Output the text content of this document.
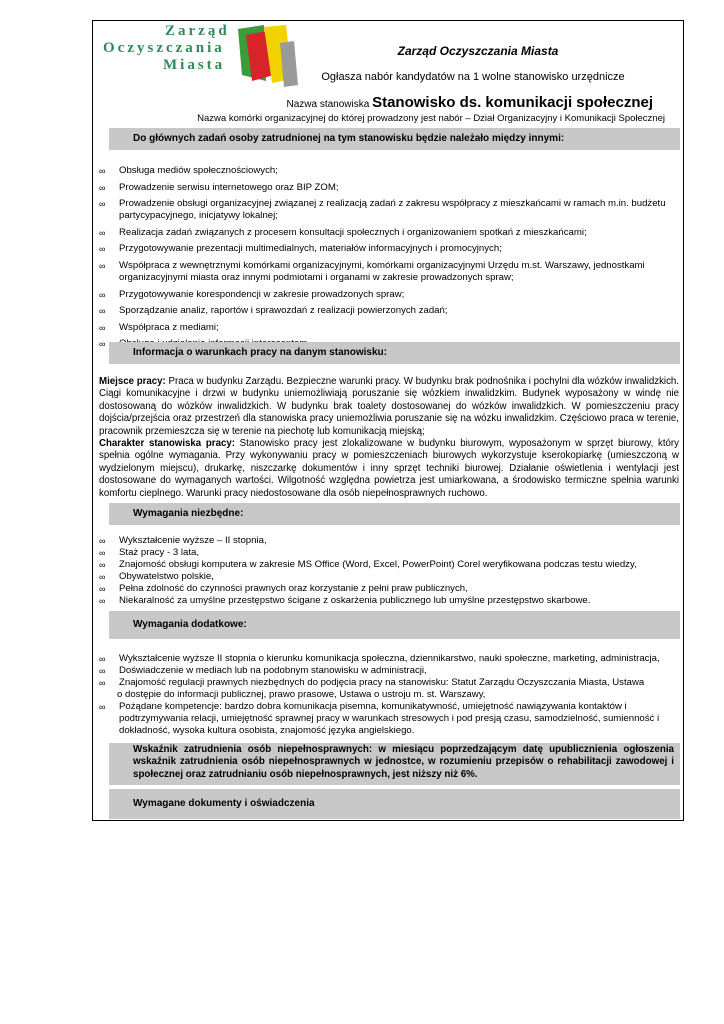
Zarząd
Oczyszczania
Miasta
Zarząd Oczyszczania Miasta
Ogłasza nabór kandydatów na 1 wolne stanowisko urzędnicze
Nazwa stanowiska Stanowisko ds. komunikacji społecznej
Nazwa komórki organizacyjnej do której prowadzony jest nabór – Dział Organizacyjny i Komunikacji Społecznej
Do głównych zadań osoby zatrudnionej na tym stanowisku będzie należało między innymi:
∞ Obsługa mediów społecznościowych;
∞ Prowadzenie serwisu internetowego oraz BIP ZOM;
∞ Prowadzenie obsługi organizacyjnej związanej z realizacją zadań z zakresu współpracy z mieszkańcami w ramach m.in. budżetu partycypacyjnego, inicjatywy lokalnej;
∞ Realizacja zadań związanych z procesem konsultacji społecznych i organizowaniem spotkań z mieszkańcami;
∞ Przygotowywanie prezentacji multimedialnych, materiałów informacyjnych i promocyjnych;
∞ Współpraca z wewnętrznymi komórkami organizacyjnymi, komórkami organizacyjnymi Urzędu m.st. Warszawy, jednostkami organizacyjnymi miasta oraz innymi podmiotami i organami w zakresie prowadzonych spraw;
∞ Przygotowywanie korespondencji w zakresie prowadzonych spraw;
∞ Sporządzanie analiz, raportów i sprawozdań z realizacji powierzonych zadań;
∞ Współpraca z mediami;
∞
Informacja o warunkach pracy na danym stanowisku:
Miejsce pracy: Praca w budynku Zarządu. Bezpieczne warunki pracy. W budynku brak podnośnika i pochylni dla wózków inwalidzkich. Ciągi komunikacyjne i drzwi w budynku uniemożliwiają poruszanie się wózkiem inwalidzkim. Budynek wyposażony w windę nie dostosowaną do wózków inwalidzkich. W budynku brak toalety dostosowanej do wózków inwalidzkich. W pomieszczeniu pracy dojścia/przejścia oraz przestrzeń dla stanowiska pracy uniemożliwia poruszanie się na wózku inwalidzkim. Częściowo praca w terenie, pracownik przemieszcza się w terenie na piechotę lub komunikacją miejską;
Charakter stanowiska pracy: Stanowisko pracy jest zlokalizowane w budynku biurowym, wyposażonym w sprzęt biurowy, który spełnia ogólne wymagania. Przy wykonywaniu pracy w pomieszczeniach biurowych wykorzystuje kserokopiarkę (umieszczoną w wydzielonym miejscu), drukarkę, niszczarkę dokumentów i inny sprzęt techniki biurowej. Działanie oświetlenia i wentylacji jest dostosowane do wymaganych wartości. Wilgotność względna powietrza jest umiarkowana, a środowisko termiczne spełnia warunki komfortu cieplnego. Warunki pracy niedostosowane dla osób niepełnosprawnych ruchowo.
Wymagania niezbędne:
∞ Wykształcenie wyższe – II stopnia,
∞ Staż pracy - 3 lata,
∞ Znajomość obsługi komputera w zakresie MS Office (Word, Excel, PowerPoint) Corel weryfikowana podczas testu wiedzy,
∞ Obywatelstwo polskie,
∞ Pełna zdolność do czynności prawnych oraz korzystanie z pełni praw publicznych,
∞ Niekaralność za umyślne przestępstwo ścigane z oskarżenia publicznego lub umyślne przestępstwo skarbowe.
Wymagania dodatkowe:
∞ Wykształcenie wyższe II stopnia o kierunku komunikacja społeczna, dziennikarstwo, nauki społeczne, marketing, administracja,
∞ Doświadczenie w mediach lub na podobnym stanowisku w administracji,
∞ Znajomość regulacji prawnych niezbędnych do podjęcia pracy na stanowisku: Statut Zarządu Oczyszczania Miasta, Ustawa
o dostępie do informacji publicznej, prawo prasowe, Ustawa o ustroju m. st. Warszawy,
∞ Pożądane kompetencje: bardzo dobra komunikacja pisemna, komunikatywność, umiejętność nawiązywania kontaktów i podtrzymywania relacji, umiejętność sprawnej pracy w warunkach stresowych i pod presją czasu, samodzielność, sumienność i dokładność, wysoka kultura osobista, znajomość języka angielskiego.
Wskaźnik zatrudnienia osób niepełnosprawnych: w miesiącu poprzedzającym datę upublicznienia ogłoszenia wskaźnik zatrudnienia osób niepełnosprawnych w jednostce, w rozumieniu przepisów o rehabilitacji zawodowej i społecznej oraz zatrudnianiu osób niepełnosprawnych, jest niższy niż 6%.
Wymagane dokumenty i oświadczenia
